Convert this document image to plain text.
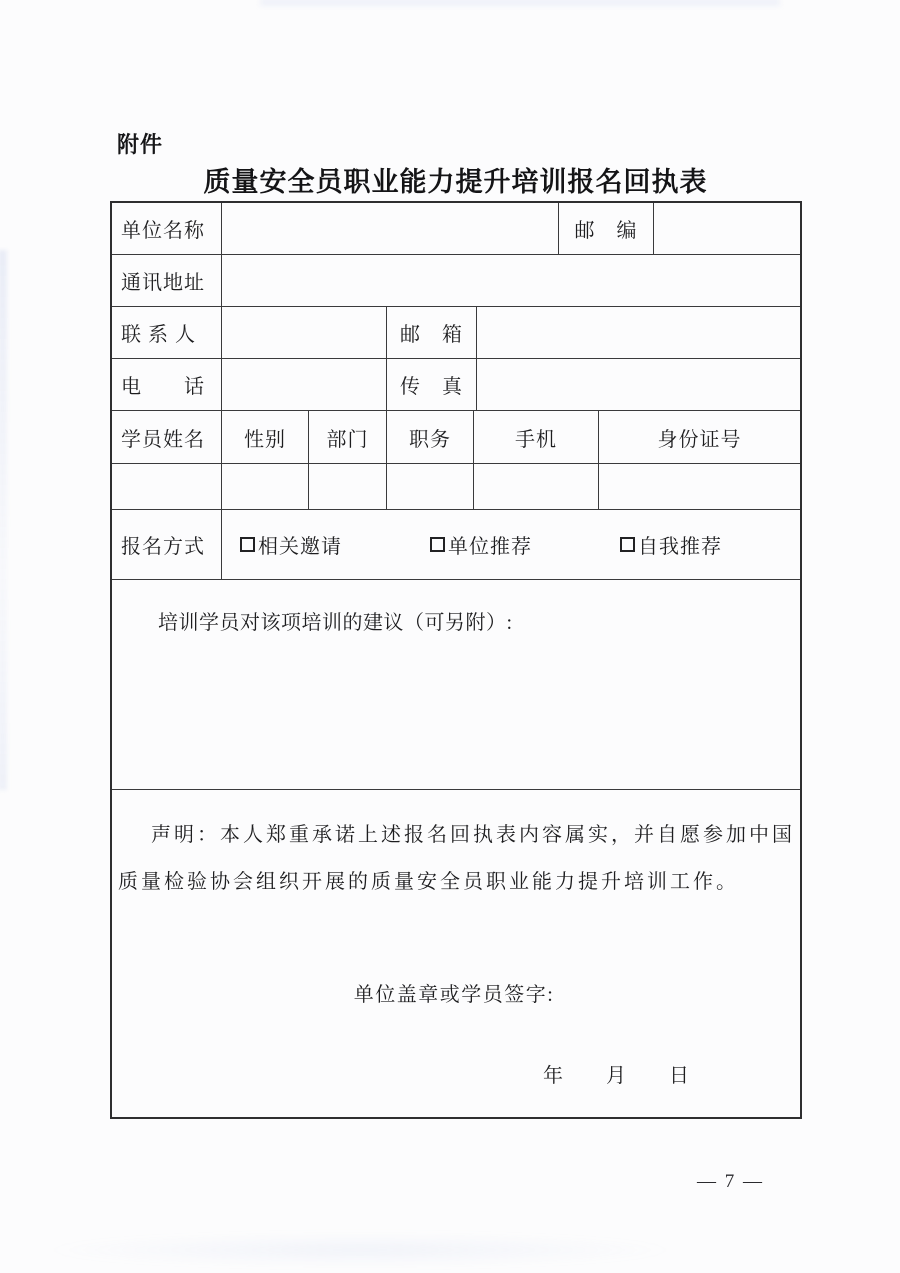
附件
质量安全员职业能力提升培训报名回执表
单位名称	邮　编
通讯地址
联 系 人	邮　箱
电　　话	传　真
学员姓名	性别	部门	职务	手机	身份证号
报名方式	相关邀请	单位推荐	自我推荐
培训学员对该项培训的建议（可另附）:
声明：本人郑重承诺上述报名回执表内容属实，并自愿参加中国
质量检验协会组织开展的质量安全员职业能力提升培训工作。
单位盖章或学员签字:
年　　月　　日
— 7 —
